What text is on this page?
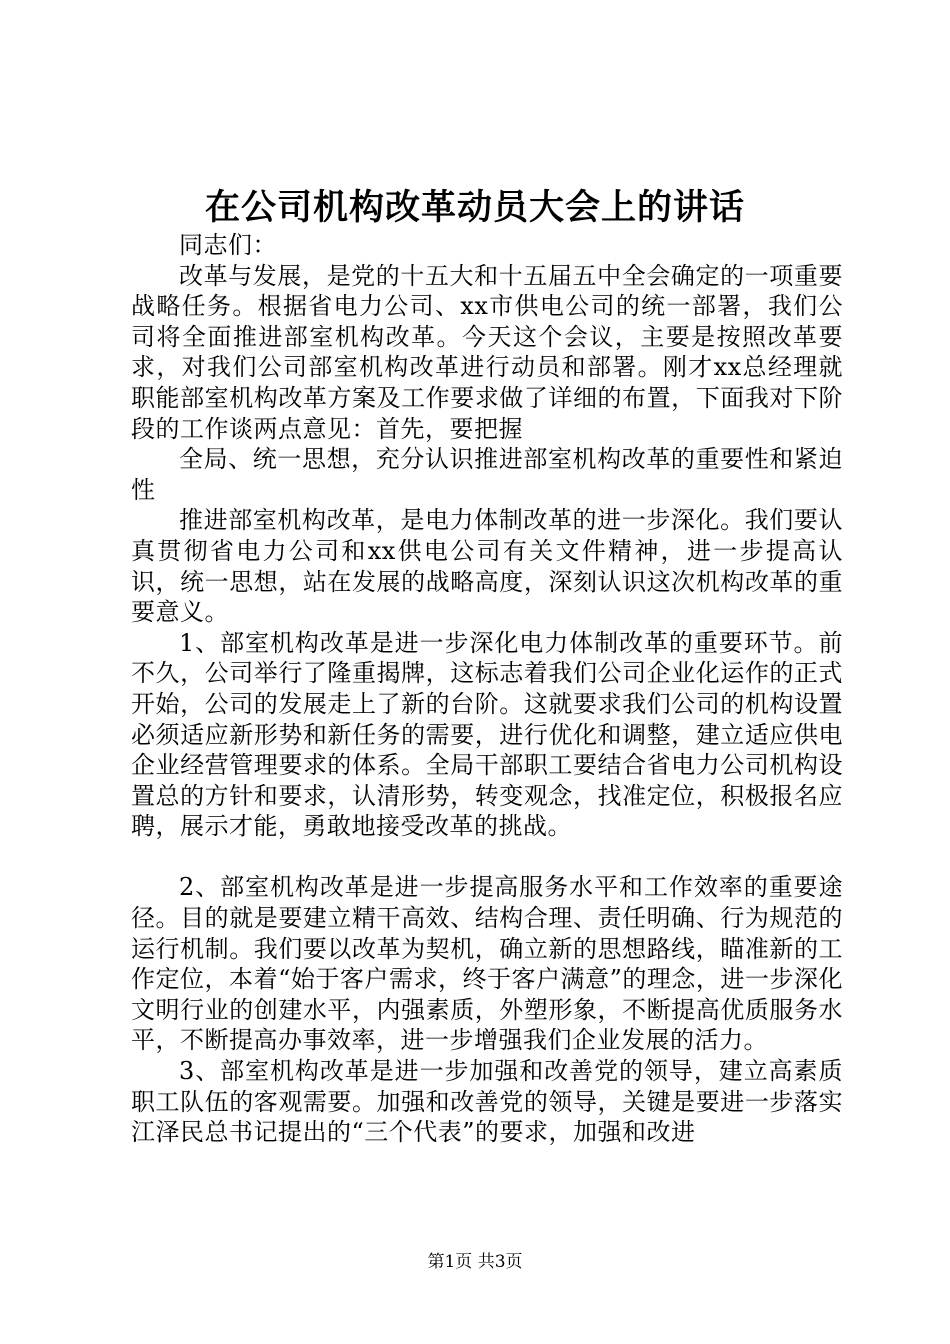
在公司机构改革动员大会上的讲话

同志们：

改革与发展，是党的十五大和十五届五中全会确定的一项重要战略任务。根据省电力公司、xx市供电公司的统一部署，我们公司将全面推进部室机构改革。今天这个会议，主要是按照改革要求，对我们公司部室机构改革进行动员和部署。刚才xx总经理就职能部室机构改革方案及工作要求做了详细的布置，下面我对下阶段的工作谈两点意见：首先，要把握

全局、统一思想，充分认识推进部室机构改革的重要性和紧迫性

推进部室机构改革，是电力体制改革的进一步深化。我们要认真贯彻省电力公司和xx供电公司有关文件精神，进一步提高认识，统一思想，站在发展的战略高度，深刻认识这次机构改革的重要意义。

1、部室机构改革是进一步深化电力体制改革的重要环节。前不久，公司举行了隆重揭牌，这标志着我们公司企业化运作的正式开始，公司的发展走上了新的台阶。这就要求我们公司的机构设置必须适应新形势和新任务的需要，进行优化和调整，建立适应供电企业经营管理要求的体系。全局干部职工要结合省电力公司机构设置总的方针和要求，认清形势，转变观念，找准定位，积极报名应聘，展示才能，勇敢地接受改革的挑战。

2、部室机构改革是进一步提高服务水平和工作效率的重要途径。目的就是要建立精干高效、结构合理、责任明确、行为规范的运行机制。我们要以改革为契机，确立新的思想路线，瞄准新的工作定位，本着“始于客户需求，终于客户满意”的理念，进一步深化文明行业的创建水平，内强素质，外塑形象，不断提高优质服务水平，不断提高办事效率，进一步增强我们企业发展的活力。

3、部室机构改革是进一步加强和改善党的领导，建立高素质职工队伍的客观需要。加强和改善党的领导，关键是要进一步落实江泽民总书记提出的“三个代表”的要求，加强和改进

第1页 共3页
